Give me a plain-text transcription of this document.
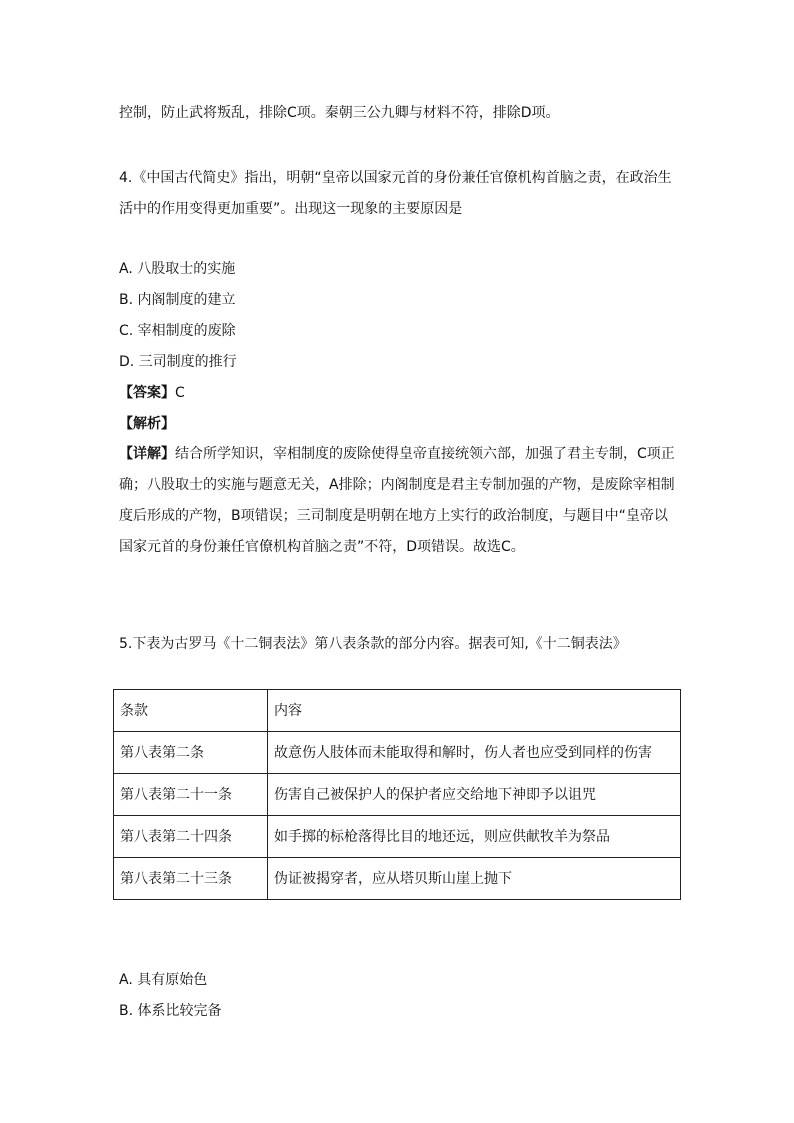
控制，防止武将叛乱，排除C项。秦朝三公九卿与材料不符，排除D项。
4.《中国古代简史》指出，明朝“皇帝以国家元首的身份兼任官僚机构首脑之责，在政治生活中的作用变得更加重要”。出现这一现象的主要原因是
A. 八股取士的实施
B. 内阁制度的建立
C. 宰相制度的废除
D. 三司制度的推行
【答案】C
【解析】
【详解】结合所学知识，宰相制度的废除使得皇帝直接统领六部，加强了君主专制，C项正确；八股取士的实施与题意无关，A排除；内阁制度是君主专制加强的产物，是废除宰相制度后形成的产物，B项错误；三司制度是明朝在地方上实行的政治制度，与题目中“皇帝以国家元首的身份兼任官僚机构首脑之责”不符，D项错误。故选C。
5.下表为古罗马《十二铜表法》第八表条款的部分内容。据表可知,《十二铜表法》
条款	内容
第八表第二条	故意伤人肢体而未能取得和解时，伤人者也应受到同样的伤害
第八表第二十一条	伤害自己被保护人的保护者应交给地下神即予以诅咒
第八表第二十四条	如手掷的标枪落得比目的地还远，则应供献牧羊为祭品
第八表第二十三条	伪证被揭穿者，应从塔贝斯山崖上抛下
A. 具有原始色
B. 体系比较完备
